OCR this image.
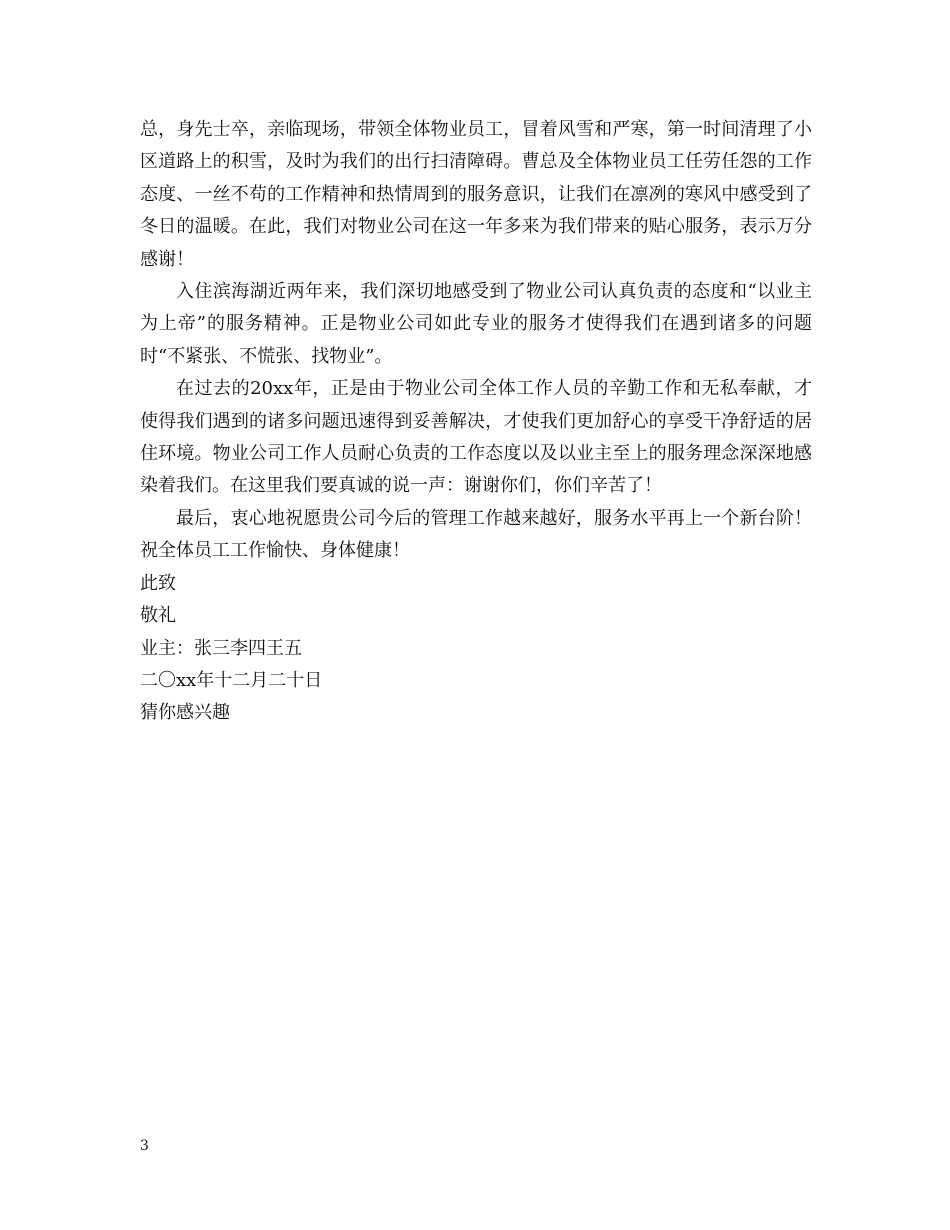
总，身先士卒，亲临现场，带领全体物业员工，冒着风雪和严寒，第一时间清理了小区道路上的积雪，及时为我们的出行扫清障碍。曹总及全体物业员工任劳任怨的工作态度、一丝不苟的工作精神和热情周到的服务意识，让我们在凛冽的寒风中感受到了冬日的温暖。在此，我们对物业公司在这一年多来为我们带来的贴心服务，表示万分感谢！

入住滨海湖近两年来，我们深切地感受到了物业公司认真负责的态度和“以业主为上帝”的服务精神。正是物业公司如此专业的服务才使得我们在遇到诸多的问题时“不紧张、不慌张、找物业”。

在过去的20xx年，正是由于物业公司全体工作人员的辛勤工作和无私奉献，才使得我们遇到的诸多问题迅速得到妥善解决，才使我们更加舒心的享受干净舒适的居住环境。物业公司工作人员耐心负责的工作态度以及以业主至上的服务理念深深地感染着我们。在这里我们要真诚的说一声：谢谢你们，你们辛苦了！

最后，衷心地祝愿贵公司今后的管理工作越来越好，服务水平再上一个新台阶！祝全体员工工作愉快、身体健康！

此致

敬礼

业主：张三李四王五

二〇xx年十二月二十日

猜你感兴趣

3
